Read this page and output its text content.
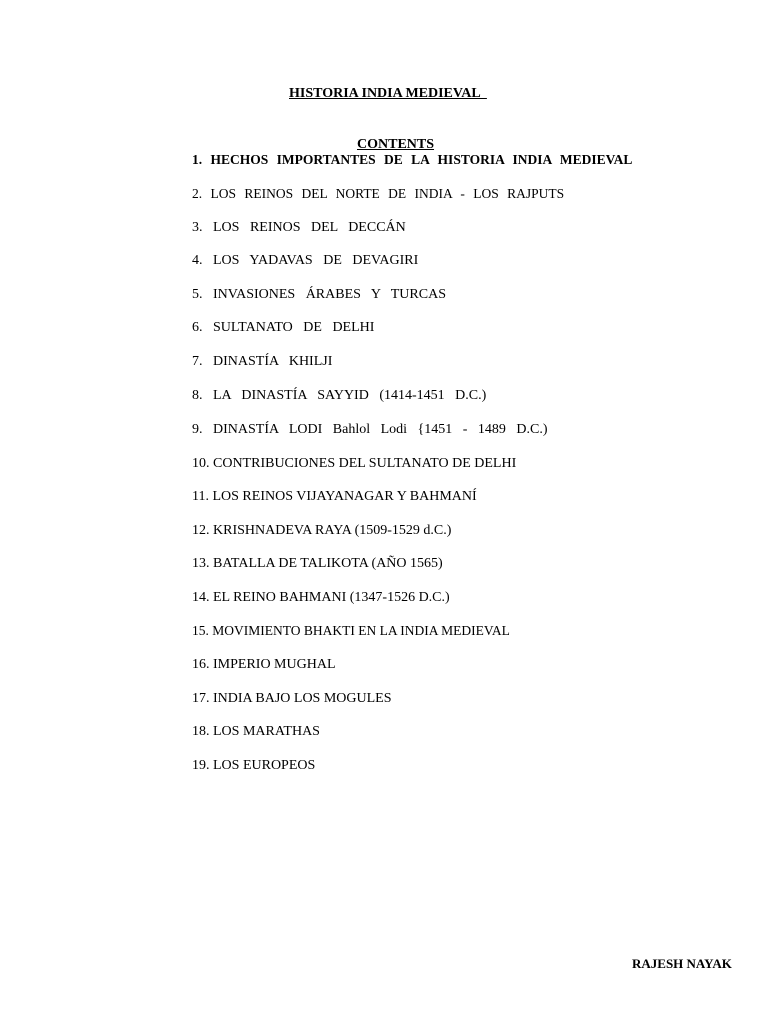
HISTORIA INDIA MEDIEVAL
CONTENTS
1. HECHOS IMPORTANTES DE LA HISTORIA INDIA MEDIEVAL
2. LOS REINOS DEL NORTE DE INDIA - LOS RAJPUTS
3. LOS REINOS DEL DECCÁN
4. LOS YADAVAS DE DEVAGIRI
5. INVASIONES ÁRABES Y TURCAS
6. SULTANATO DE DELHI
7. DINASTÍA KHILJI
8. LA DINASTÍA SAYYID (1414-1451 D.C.)
9. DINASTÍA LODI Bahlol Lodi {1451 - 1489 D.C.)
10. CONTRIBUCIONES DEL SULTANATO DE DELHI
11. LOS REINOS VIJAYANAGAR Y BAHMANÍ
12. KRISHNADEVA RAYA (1509-1529 d.C.)
13. BATALLA DE TALIKOTA (AÑO 1565)
14. EL REINO BAHMANI (1347-1526 D.C.)
15. MOVIMIENTO BHAKTI EN LA INDIA MEDIEVAL
16. IMPERIO MUGHAL
17. INDIA BAJO LOS MOGULES
18. LOS MARATHAS
19. LOS EUROPEOS
RAJESH NAYAK
